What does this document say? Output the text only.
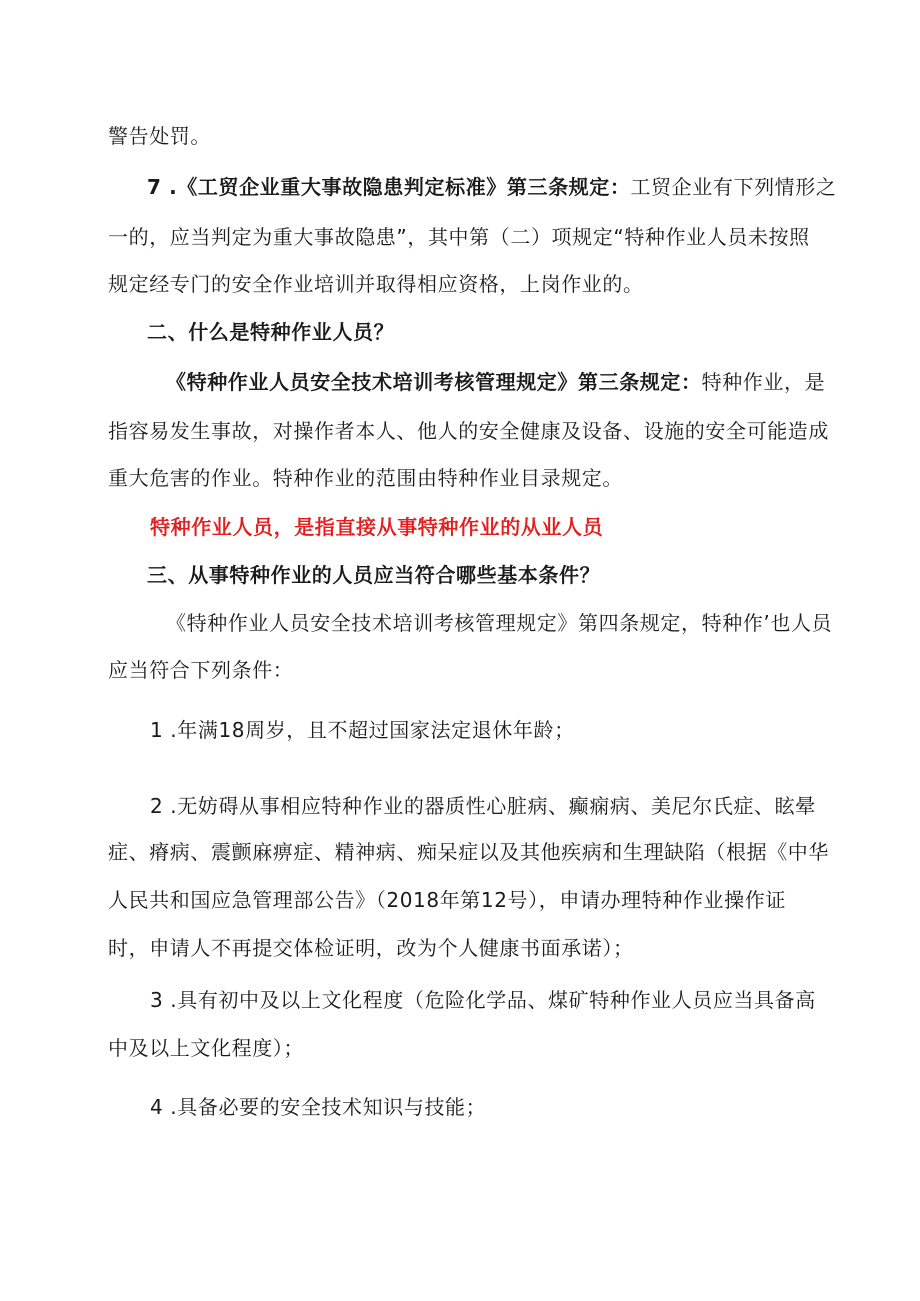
警告处罚。
7 .《工贸企业重大事故隐患判定标准》第三条规定：工贸企业有下列情形之
一的，应当判定为重大事故隐患”，其中第（二）项规定“特种作业人员未按照
规定经专门的安全作业培训并取得相应资格，上岗作业的。
二、什么是特种作业人员？
《特种作业人员安全技术培训考核管理规定》第三条规定：特种作业，是
指容易发生事故，对操作者本人、他人的安全健康及设备、设施的安全可能造成
重大危害的作业。特种作业的范围由特种作业目录规定。
特种作业人员，是指直接从事特种作业的从业人员
三、从事特种作业的人员应当符合哪些基本条件？
《特种作业人员安全技术培训考核管理规定》第四条规定，特种作’也人员
应当符合下列条件：
1 .年满18周岁，且不超过国家法定退休年龄；
2 .无妨碍从事相应特种作业的器质性心脏病、癫痫病、美尼尔氏症、眩晕
症、瘠病、震颤麻痹症、精神病、痴呆症以及其他疾病和生理缺陷（根据《中华
人民共和国应急管理部公告》（2018年第12号），申请办理特种作业操作证
时，申请人不再提交体检证明，改为个人健康书面承诺）；
3 .具有初中及以上文化程度（危险化学品、煤矿特种作业人员应当具备高
中及以上文化程度）；
4 .具备必要的安全技术知识与技能；
